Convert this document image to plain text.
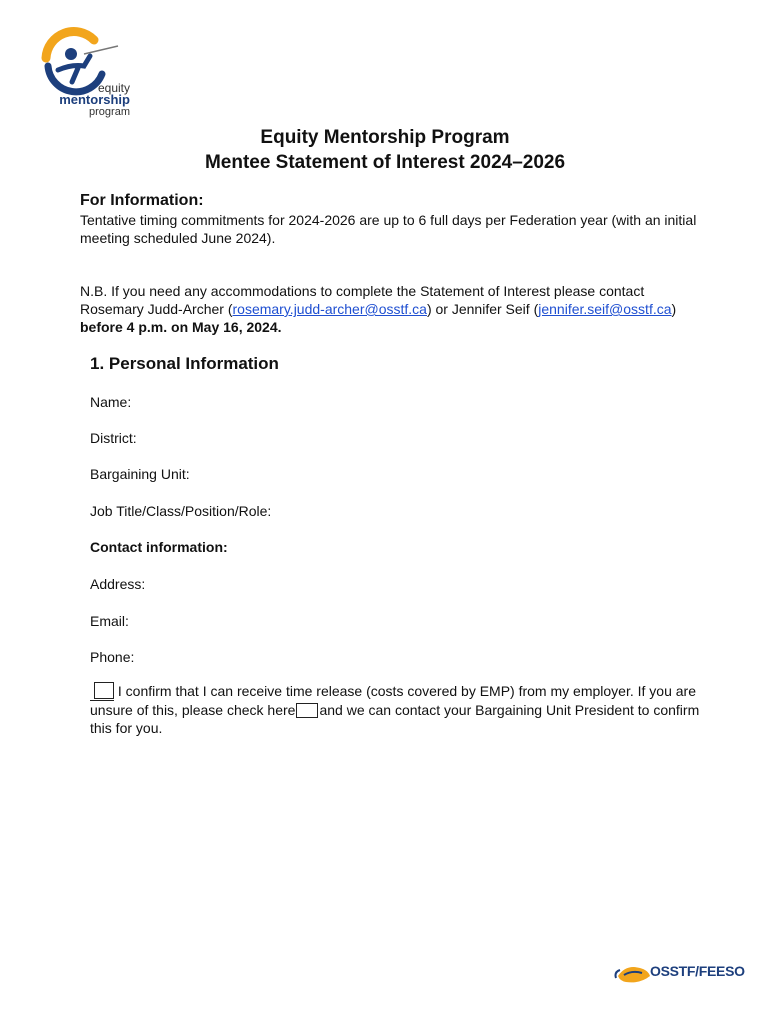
equity
mentorship
program
Equity Mentorship Program
Mentee Statement of Interest 2024–2026
For Information:
Tentative timing commitments for 2024-2026 are up to 6 full days per Federation year (with an initial meeting scheduled June 2024).
N.B. If you need any accommodations to complete the Statement of Interest please contact Rosemary Judd-Archer (rosemary.judd-archer@osstf.ca) or Jennifer Seif (jennifer.seif@osstf.ca) before 4 p.m. on May 16, 2024.
1. Personal Information
Name:
District:
Bargaining Unit:
Job Title/Class/Position/Role:
Contact information:
Address:
Email:
Phone:
I confirm that I can receive time release (costs covered by EMP) from my employer. If you are unsure of this, please check here and we can contact your Bargaining Unit President to confirm this for you.
OSSTF/FEESO
